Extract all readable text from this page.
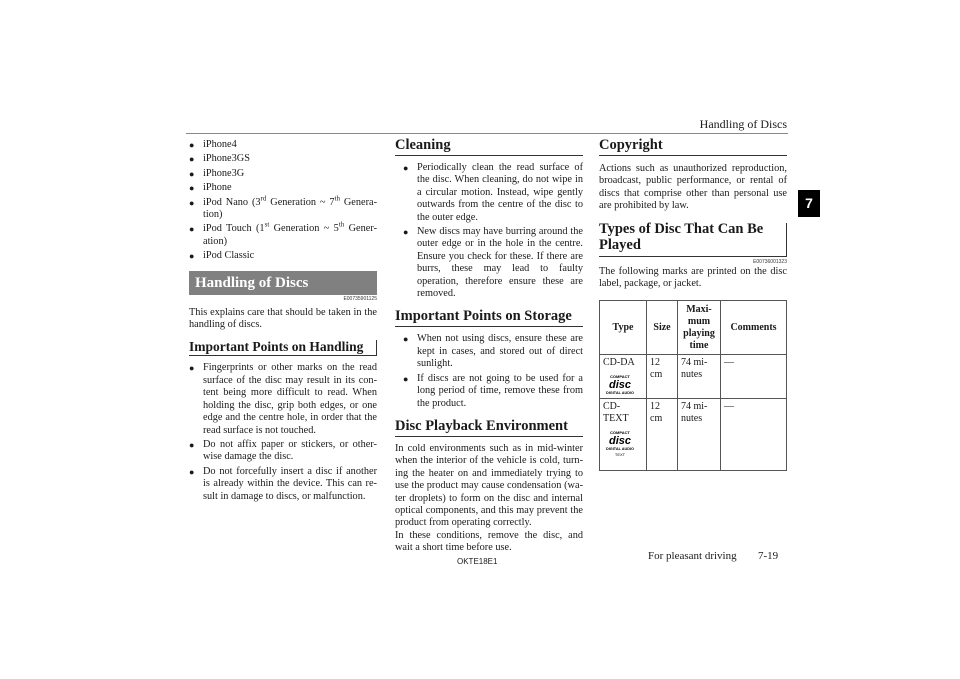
Handling of Discs
7
● iPhone4
● iPhone3GS
● iPhone3G
● iPhone
● iPod Nano (3rd Generation ~ 7th Genera-tion)
● iPod Touch (1st Generation ~ 5th Gener-ation)
● iPod Classic
Handling of Discs
E00735901125
This explains care that should be taken in the handling of discs.
Important Points on Handling
● Fingerprints or other marks on the read surface of the disc may result in its con-tent being more difficult to read. When holding the disc, grip both edges, or one edge and the centre hole, in order that the read surface is not touched.
● Do not affix paper or stickers, or other-wise damage the disc.
● Do not forcefully insert a disc if another is already within the device. This can re-sult in damage to discs, or malfunction.
Cleaning
● Periodically clean the read surface of the disc. When cleaning, do not wipe in a circular motion. Instead, wipe gently outwards from the centre of the disc to the outer edge.
● New discs may have burring around the outer edge or in the hole in the centre. Ensure you check for these. If there are burrs, these may lead to faulty operation, therefore ensure these are removed.
Important Points on Storage
● When not using discs, ensure these are kept in cases, and stored out of direct sunlight.
● If discs are not going to be used for a long period of time, remove these from the product.
Disc Playback Environment
In cold environments such as in mid-winter when the interior of the vehicle is cold, turn-ing the heater on and immediately trying to use the product may cause condensation (wa-ter droplets) to form on the disc and internal optical components, and this may prevent the product from operating correctly.
In these conditions, remove the disc, and wait a short time before use.
Copyright
Actions such as unauthorized reproduction, broadcast, public performance, or rental of discs that comprise other than personal use are prohibited by law.
Types of Disc That Can Be Played
E00736001323
The following marks are printed on the disc label, package, or jacket.
Type	Size	Maxi-mum playing time	Comments
CD-DA
COMPACT
disc
DIGITAL AUDIO	12 cm	74 mi-nutes	—
CD-TEXT
COMPACT
disc
DIGITAL AUDIO
TEXT	12 cm	74 mi-nutes	—
OKTE18E1	For pleasant driving 7-19
